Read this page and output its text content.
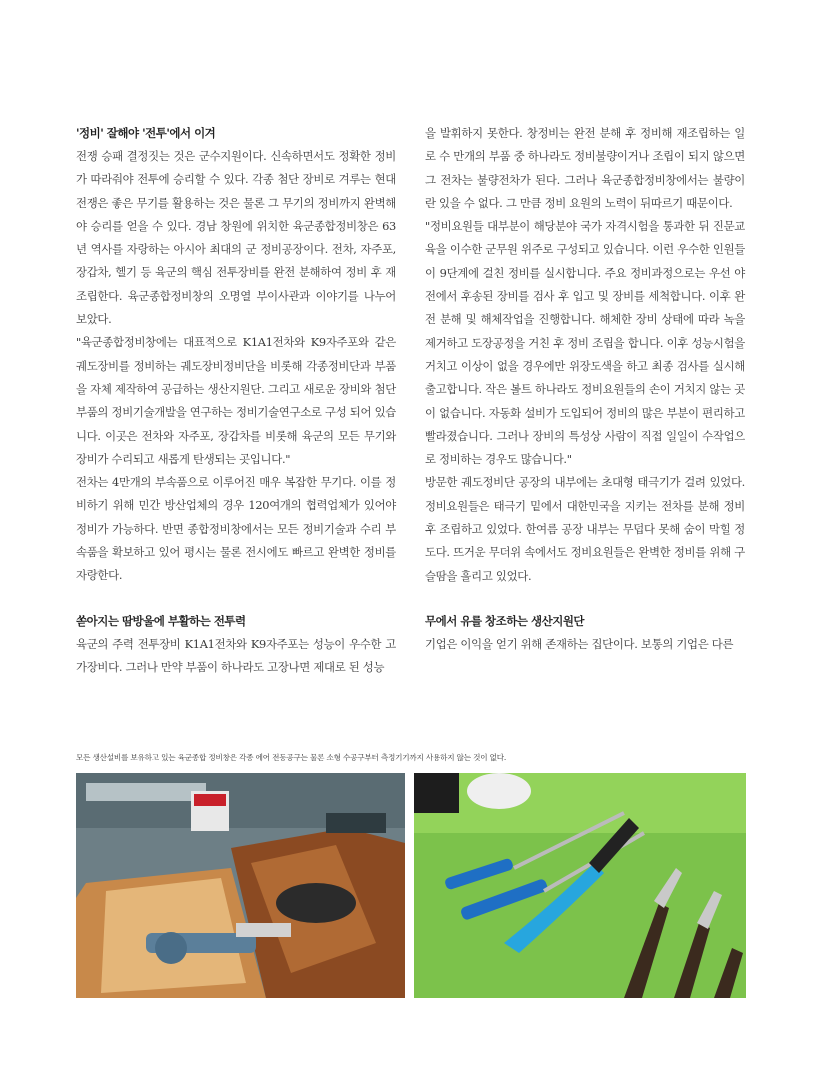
'정비' 잘해야 '전투'에서 이겨

전쟁 승패 결정짓는 것은 군수지원이다. 신속하면서도 정확한 정비가 따라줘야 전투에 승리할 수 있다. 각종 첨단 장비로 겨루는 현대 전쟁은 좋은 무기를 활용하는 것은 물론 그 무기의 정비까지 완벽해야 승리를 얻을 수 있다. 경남 창원에 위치한 육군종합정비창은 63년 역사를 자랑하는 아시아 최대의 군 정비공장이다. 전차, 자주포, 장갑차, 헬기 등 육군의 핵심 전투장비를 완전 분해하여 정비 후 재조립한다. 육군종합정비창의 오명열 부이사관과 이야기를 나누어 보았다.

"육군종합정비창에는 대표적으로 K1A1전차와 K9자주포와 같은 궤도장비를 정비하는 궤도장비정비단을 비롯해 각종정비단과 부품을 자체 제작하여 공급하는 생산지원단. 그리고 새로운 장비와 첨단부품의 정비기술개발을 연구하는 정비기술연구소로 구성 되어 있습니다. 이곳은 전차와 자주포, 장갑차를 비롯해 육군의 모든 무기와 장비가 수리되고 새롭게 탄생되는 곳입니다."

전차는 4만개의 부속품으로 이루어진 매우 복잡한 무기다. 이를 정비하기 위해 민간 방산업체의 경우 120여개의 협력업체가 있어야 정비가 가능하다. 반면 종합정비창에서는 모든 정비기술과 수리 부속품을 확보하고 있어 평시는 물론 전시에도 빠르고 완벽한 정비를 자랑한다.

쏟아지는 땀방울에 부활하는 전투력

육군의 주력 전투장비 K1A1전차와 K9자주포는 성능이 우수한 고가장비다. 그러나 만약 부품이 하나라도 고장나면 제대로 된 성능

을 발휘하지 못한다. 창정비는 완전 분해 후 정비해 재조립하는 일로 수 만개의 부품 중 하나라도 정비불량이거나 조립이 되지 않으면 그 전차는 불량전차가 된다. 그러나 육군종합정비창에서는 불량이란 있을 수 없다. 그 만큼 정비 요원의 노력이 뒤따르기 때문이다.

"정비요원들 대부분이 해당분야 국가 자격시험을 통과한 뒤 진문교육을 이수한 군무원 위주로 구성되고 있습니다. 이런 우수한 인원들이 9단계에 걸친 정비를 실시합니다. 주요 정비과정으로는 우선 야전에서 후송된 장비를 검사 후 입고 및 장비를 세척합니다. 이후 완전 분해 및 해체작업을 진행합니다. 해체한 장비 상태에 따라 녹을 제거하고 도장공정을 거친 후 정비 조립을 합니다. 이후 성능시험을 거치고 이상이 없을 경우에만 위장도색을 하고 최종 검사를 실시해 출고합니다. 작은 볼트 하나라도 정비요원들의 손이 거치지 않는 곳이 없습니다. 자동화 설비가 도입되어 정비의 많은 부분이 편리하고 빨라졌습니다. 그러나 장비의 특성상 사람이 직접 일일이 수작업으로 정비하는 경우도 많습니다."

방문한 궤도정비단 공장의 내부에는 초대형 태극기가 걸려 있었다. 정비요원들은 태극기 밑에서 대한민국을 지키는 전차를 분해 정비 후 조립하고 있었다. 한여름 공장 내부는 무덥다 못해 숨이 막힐 정도다. 뜨거운 무더위 속에서도 정비요원들은 완벽한 정비를 위해 구슬땀을 흘리고 있었다.

무에서 유를 창조하는 생산지원단

기업은 이익을 얻기 위해 존재하는 집단이다. 보통의 기업은 다른

모든 생산설비를 보유하고 있는 육군종합 정비창은 각종 에어 전동공구는 물론 소형 수공구부터 측정기기까지 사용하지 않는 것이 없다.
